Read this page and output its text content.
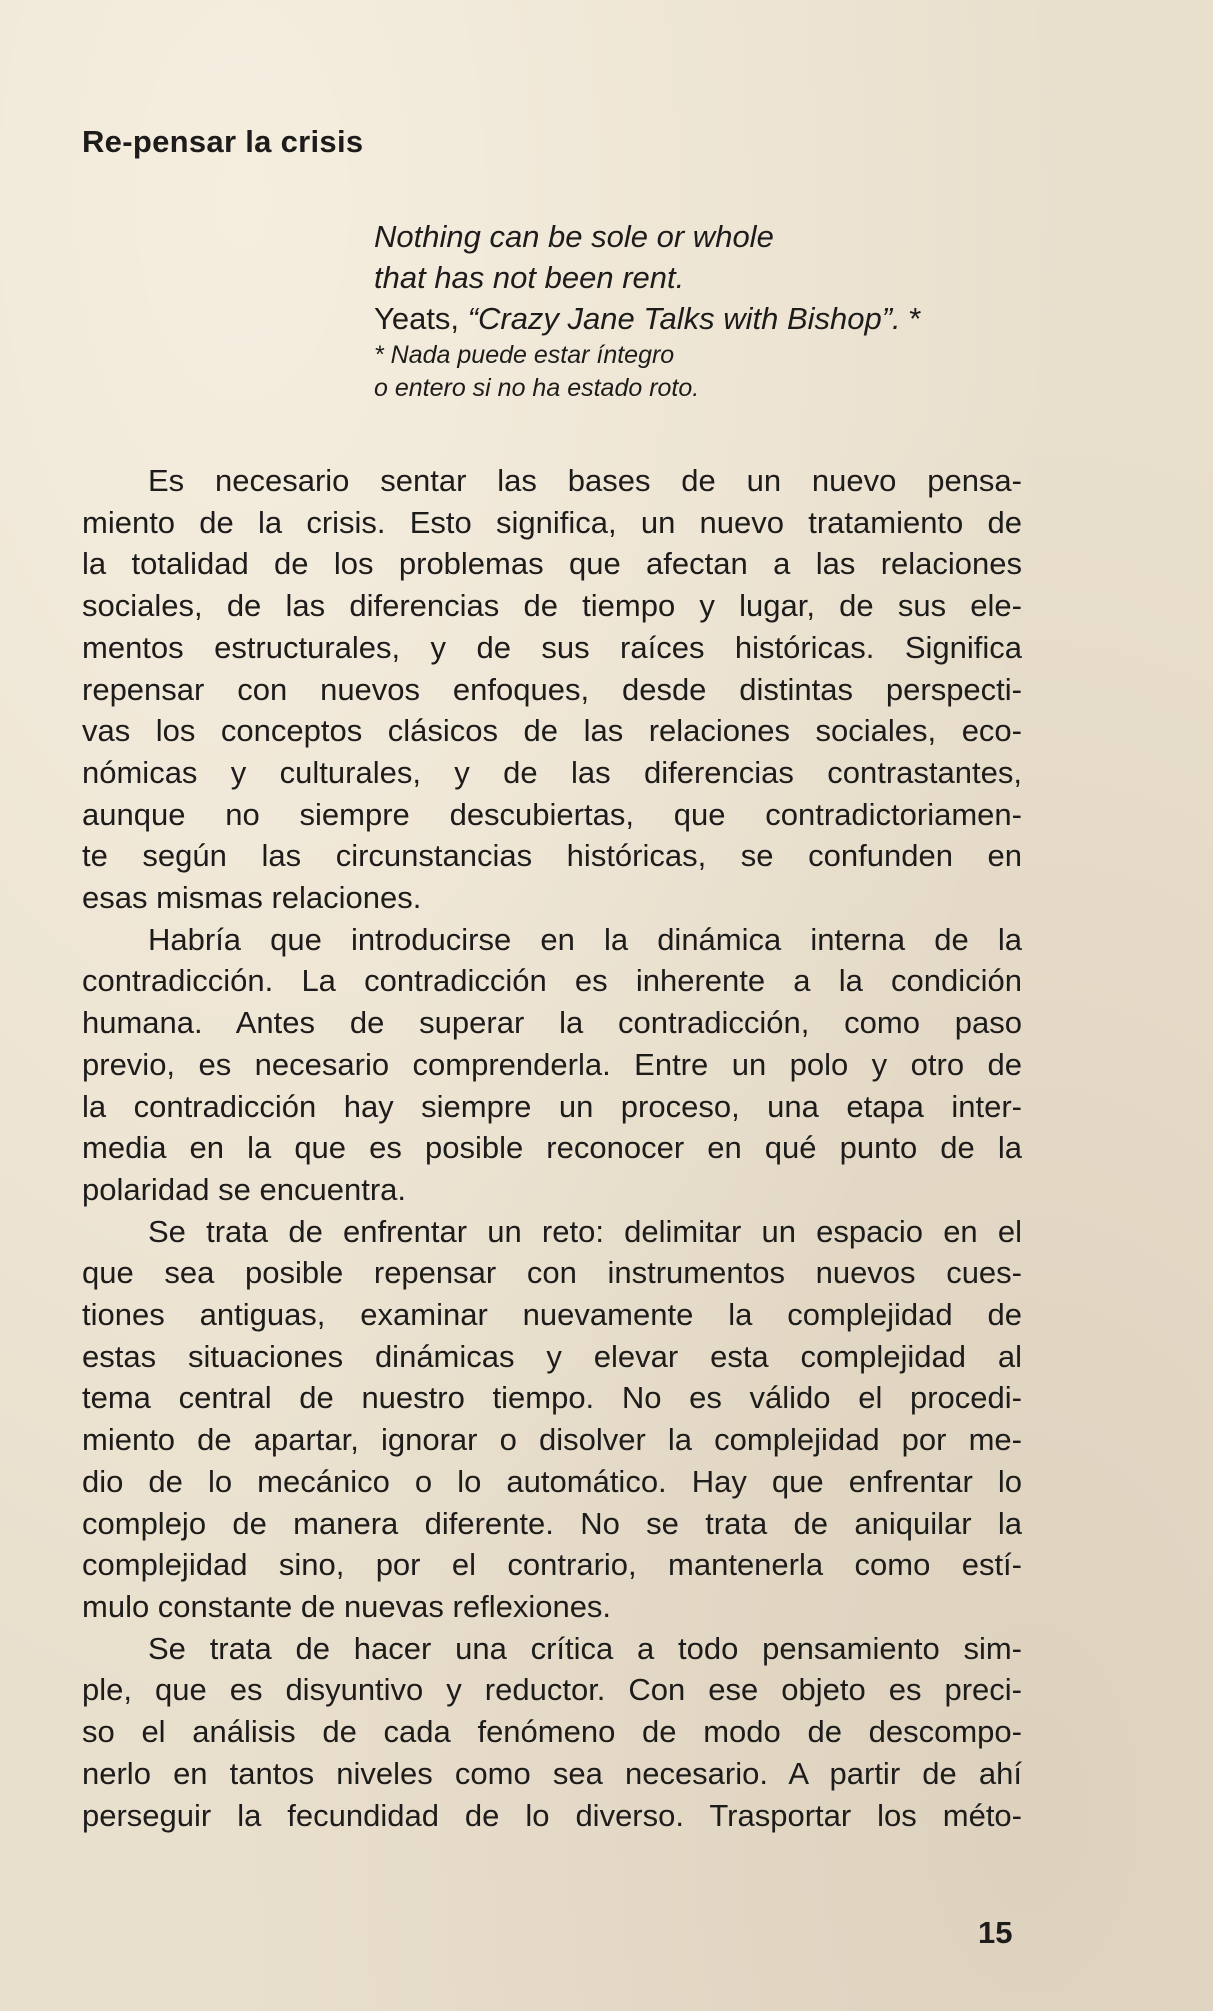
Re-pensar la crisis
Nothing can be sole or whole
that has not been rent.
Yeats, “Crazy Jane Talks with Bishop”. *
* Nada puede estar íntegro
o entero si no ha estado roto.
Es necesario sentar las bases de un nuevo pensa-
miento de la crisis. Esto significa, un nuevo tratamiento de
la totalidad de los problemas que afectan a las relaciones
sociales, de las diferencias de tiempo y lugar, de sus ele-
mentos estructurales, y de sus raíces históricas. Significa
repensar con nuevos enfoques, desde distintas perspecti-
vas los conceptos clásicos de las relaciones sociales, eco-
nómicas y culturales, y de las diferencias contrastantes,
aunque no siempre descubiertas, que contradictoriamen-
te según las circunstancias históricas, se confunden en
esas mismas relaciones.
Habría que introducirse en la dinámica interna de la
contradicción. La contradicción es inherente a la condición
humana. Antes de superar la contradicción, como paso
previo, es necesario comprenderla. Entre un polo y otro de
la contradicción hay siempre un proceso, una etapa inter-
media en la que es posible reconocer en qué punto de la
polaridad se encuentra.
Se trata de enfrentar un reto: delimitar un espacio en el
que sea posible repensar con instrumentos nuevos cues-
tiones antiguas, examinar nuevamente la complejidad de
estas situaciones dinámicas y elevar esta complejidad al
tema central de nuestro tiempo. No es válido el procedi-
miento de apartar, ignorar o disolver la complejidad por me-
dio de lo mecánico o lo automático. Hay que enfrentar lo
complejo de manera diferente. No se trata de aniquilar la
complejidad sino, por el contrario, mantenerla como estí-
mulo constante de nuevas reflexiones.
Se trata de hacer una crítica a todo pensamiento sim-
ple, que es disyuntivo y reductor. Con ese objeto es preci-
so el análisis de cada fenómeno de modo de descompo-
nerlo en tantos niveles como sea necesario. A partir de ahí
perseguir la fecundidad de lo diverso. Trasportar los méto-
15
